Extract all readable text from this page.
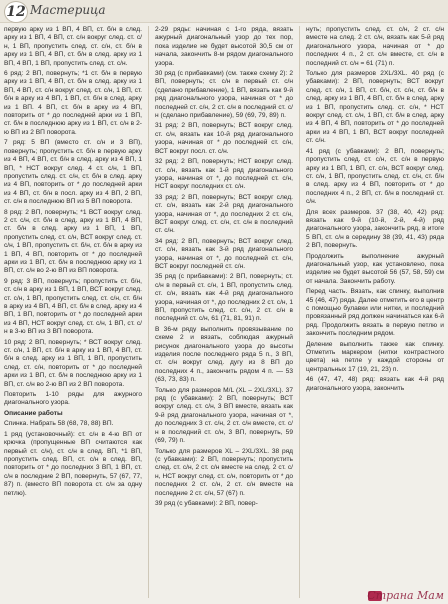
12 Мастерица

первую арку из 1 ВП, 4 ВП, ст. б/н в след. арку из 1 ВП, 4 ВП, ст. с/н вокруг след. ст. с/н, 1 ВП, пропустить след. ст. с/н, ст. б/н в арку из 1 ВП, 4 ВП, ст. б/н в след. арку из 1 ВП, 4 ВП, 1 ВП, пропустить след. ст. с/н.

6 ряд: 2 ВП, повернуть; *1 ст. б/н в первую арку из 1 ВП, 4 ВП, ст. б/н в след. арку из 1 ВП, 4 ВП, ст. с/н вокруг след. ст. с/н, 1 ВП, ст. б/н в арку из 4 ВП, 1 ВП, ст. б/н в след. арку из 1 ВП. 4 ВП, ст. б/н в арку из 4 ВП, повторить от * до последней арки из 1 ВП, ст. б/н в последнюю арку из 1 ВП, ст. с/н в 2-ю ВП из 2 ВП поворота.

7 ряд: 5 ВП (вместо ст. с/н и 3 ВП), повернуть; пропустить ст. б/н в первую арку из 4 ВП, 4 ВП, ст. б/н в след. арку из 4 ВП, 1 ВП, * НСТ вокруг след. 4 ст. с/н, 1 ВП, пропустить след. ст. с/н, ст. б/н в след. арку из 4 ВП, повторить от * до последней арки из 4 ВП, ст. б/н в посл. арку из 4 ВП, 2 ВП, ст. с/н в последнюю ВП из 5 ВП поворота.

8 ряд: 2 ВП, повернуть; *1 ВСТ вокруг след. 2 ст. с/н, ст. б/н в след. арку из 1 ВП, 4 ВП, ст. б/н в след. арку из 1 ВП, 1 ВП, пропустить след. ст. с/н, ВСТ вокруг след. ст. с/н, 1 ВП, пропустить ст. б/н, ст. б/н в арку из 1 ВП, 4 ВП, повторить от * до последней арки из 1 ВП, ст. б/н в последнюю арку из 1 ВП, ст. с/н во 2-ю ВП из ВП поворота.

9 ряд: 3 ВП, повернуть; пропустить ст. б/н, ст. с/н в арку из 1 ВП, 1 ВП, ВСТ вокруг след. ст. с/н, 1 ВП, пропустить след. ст. с/н, ст. б/н в арку из 4 ВП, 4 ВП, ст. б/н в след. арку из 4 ВП, 1 ВП, повторить от * до последней арки из 4 ВП, НСТ вокруг след. ст. с/н, 1 ВП, ст. с/н в 3-ю ВП из 3 ВП поворота.

10 ряд: 2 ВП, повернуть; * ВСТ вокруг след. ст. с/н, 1 ВП, ст. б/н в арку из 1 ВП, 4 ВП, ст. б/н в след. арку из 1 ВП, 1 ВП, пропустить след. ст. с/н, повторить от * до последней арки из 1 ВП, ст. б/н в последнюю арку из 1 ВП, ст. с/н во 2-ю ВП из 2 ВП поворота.

Повторить 1-10 ряды для ажурного диагонального узора.

Описание работы

Спинка. Набрать 58 (68, 78, 88) ВП.

1 ряд (установочный): ст. с/н в 4-ю ВП от крючка (пропущенные ВП считаются как первый ст. с/н), ст. с/н в след. ВП, *1 ВП, пропустить след. ВП, ст. с/н в след. ВП, повторить от * до последних 3 ВП, 1 ВП, ст. с/н в последние 2 ВП, повернуть, 57 (67, 77, 87) п. (вместо ВП поворота ст. с/н за одну петлю).

2-29 ряды: начиная с 1-го ряда, вязать ажурный диагональный узор до тех пор, пока изделие не будет высотой 30,5 см от начала, закончить 8-м рядом диагонального узора.

30 ряд (с прибавками) (см. также схему 2): 2 ВП, повернуть; ст. с/н в первый ст. с/н (сделано прибавление), 1 ВП, вязать как 9-й ряд диагонального узора, начиная от * до последней ст. с/н, 2 ст. с/н в последний ст. с/н (сделано прибавление), 59 (69, 79, 89) п.

31 ряд: 2 ВП, повернуть; ВСТ вокруг след. ст. с/н, вязать как 10-й ряд диагонального узора, начиная от * до последней ст. с/н, ВСТ вокруг посл. ст. с/н.

32 ряд: 2 ВП, повернуть; НСТ вокруг след. ст. с/н, вязать как 1-й ряд диагонального узора, начиная от *, до последней ст. с/н, НСТ вокруг последних ст. с/н.

33 ряд: 2 ВП, повернуть; ВСТ вокруг след. ст. с/н, вязать как 2-й ряд диагонального узора, начиная от *, до последних 2 ст. с/н, ВСТ вокруг след. ст. с/н, ст. с/н в последний ст. с/н.

34 ряд: 2 ВП, повернуть; ВСТ вокруг след. ст. с/н, вязать как 3-й ряд диагонального узора, начиная от *, до последней ст. с/н, ВСТ вокруг последней ст. с/н.

35 ряд (с прибавками): 2 ВП, повернуть; ст. с/н в первый ст. с/н, 1 ВП, пропустить след. ст. с/н, вязать как 4-й ряд диагонального узора, начиная от *, до последних 2 ст. с/н, 1 ВП, пропустить след. ст. с/н, 2 ст. с/н в последний ст. с/н, 61 (71, 81, 91) п.

В 36-м ряду выполнить провязывание по схеме 2 и вязать, соблюдая ажурный рисунок диагонального узора до высоты изделия после последнего ряда 5 п., 3 ВП, ст. с/н вокруг след. дугу из 8 ВП до последних 4 п., закончить рядом 4 п. — 53 (63, 73, 83) п.

Только для размеров M/L (XL – 2XL/3XL). 37 ряд (с убавками): 2 ВП, повернуть; ВСТ вокруг след. ст. с/н, 3 ВП вместе, вязать как 9-й ряд диагонального узора, начиная от *, до последних 3 ст. с/н, 2 ст. с/н вместе, ст. с/н в последний ст. с/н, 3 ВП, повернуть, 59 (69, 79) п.

Только для размеров XL – 2XL/3XL. 38 ряд (с убавками): 2 ВП, повернуть; пропустить след. ст. с/н, 2 ст. с/н вместе на след. 2 ст. с/н, НСТ вокруг след. ст. с/н, повторить от * до последних 2 ст. с/н, 2 ст. с/н вместе на последние 2 ст. с/н, 57 (67) п.

39 ряд (с убавками): 2 ВП, повер-

нуть; пропустить след. ст. с/н, 2 ст. с/н вместе на след. 2 ст. с/н, вязать как 5-й ряд диагонального узора, начиная от * до последних 4 п., 2 ст. с/н вместе, ст. с/н в последний ст. с/н = 61 (71) п.

Только для размеров 2XL/3XL. 40 ряд (с убавками): 2 ВП, повернуть; ВСТ вокруг след. ст. с/н, 1 ВП, ст. б/н, ст. с/н, ст. б/н в след. арку из 1 ВП, 4 ВП, ст. б/н в след. арку из 1 ВП, пропустить след. ст. с/н, * НСТ вокруг след. ст. с/н, 1 ВП, ст. б/н в след. арку из 4 ВП, 4 ВП, повторить от * до последней арки из 4 ВП, 1 ВП, ВСТ вокруг последней ст. с/н.

41 ряд (с убавками): 2 ВП, повернуть; пропустить след. ст. с/н, ст. с/н в первую арку из 1 ВП, 1 ВП, ст. с/н, ВСТ вокруг след. ст. с/н, 1 ВП, пропустить след. ст. с/н, ст. б/н в след. арку из 4 ВП, повторить от * до последних 4 п., 2 ВП, ст. б/н в последний ст. с/н.

Для всех размеров. 37 (38, 40, 42) ряд: вязать как 9-й (10-й, 2-й, 4-й) ряд диагонального узора, закончить ряд, в итоге 5 ВП, ст. с/н в середину 38 (39, 41, 43) ряда 2 ВП, повернуть.

Продолжить выполнение ажурный диагональный узор, как установлено, пока изделие не будет высотой 56 (57, 58, 59) см от начала. Закончить работу.

Перед часть. Вязать, как спинку, выполнив 45 (46, 47) ряда. Далее отметить его в центр с помощью булавки или нитки, и последний провязанный ряд должен начинаться как 6-й ряд. Продолжить вязать в первую петлю и закончить последним рядом.

Деление выполнить также как спинку. Отметить маркером (нитки контрастного цвета) на петле у каждой стороны от центральных 17 (19, 21, 23) п.

46 (47, 47, 48) ряд: вязать как 4-й ряд диагонального узора, закончить

Страна Мам
